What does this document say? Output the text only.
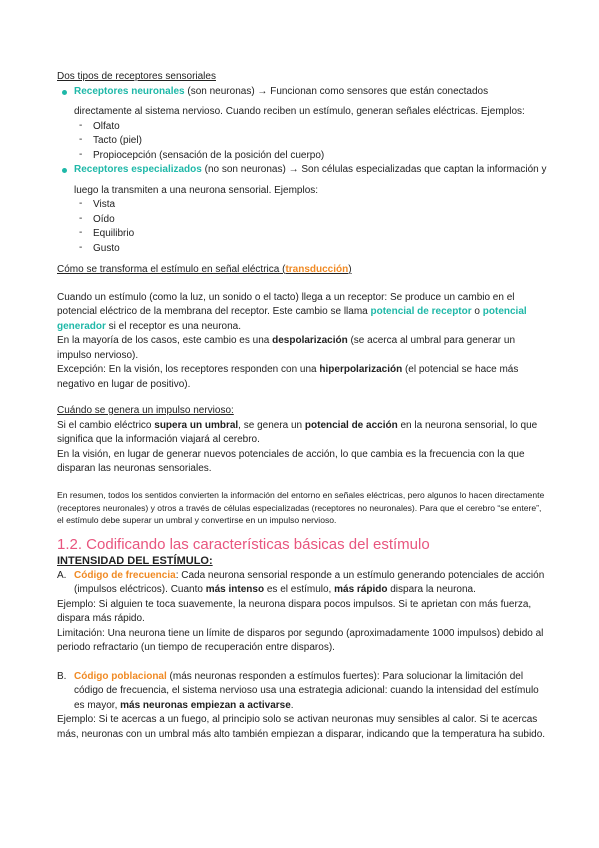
Dos tipos de receptores sensoriales
Receptores neuronales (son neuronas) → Funcionan como sensores que están conectados
directamente al sistema nervioso. Cuando reciben un estímulo, generan señales eléctricas. Ejemplos:
- Olfato
- Tacto (piel)
- Propiocepción (sensación de la posición del cuerpo)
Receptores especializados (no son neuronas) → Son células especializadas que captan la información y
luego la transmiten a una neurona sensorial. Ejemplos:
- Vista
- Oído
- Equilibrio
- Gusto
Cómo se transforma el estímulo en señal eléctrica (transducción)
Cuando un estímulo (como la luz, un sonido o el tacto) llega a un receptor: Se produce un cambio en el potencial eléctrico de la membrana del receptor. Este cambio se llama potencial de receptor o potencial generador si el receptor es una neurona.
En la mayoría de los casos, este cambio es una despolarización (se acerca al umbral para generar un impulso nervioso).
Excepción: En la visión, los receptores responden con una hiperpolarización (el potencial se hace más negativo en lugar de positivo).
Cuándo se genera un impulso nervioso:
Si el cambio eléctrico supera un umbral, se genera un potencial de acción en la neurona sensorial, lo que significa que la información viajará al cerebro.
En la visión, en lugar de generar nuevos potenciales de acción, lo que cambia es la frecuencia con la que disparan las neuronas sensoriales.
En resumen, todos los sentidos convierten la información del entorno en señales eléctricas, pero algunos lo hacen directamente (receptores neuronales) y otros a través de células especializadas (receptores no neuronales). Para que el cerebro “se entere”, el estímulo debe superar un umbral y convertirse en un impulso nervioso.
1.2. Codificando las características básicas del estímulo
INTENSIDAD DEL ESTÍMULO:
A. Código de frecuencia: Cada neurona sensorial responde a un estímulo generando potenciales de acción (impulsos eléctricos). Cuanto más intenso es el estímulo, más rápido dispara la neurona.
Ejemplo: Si alguien te toca suavemente, la neurona dispara pocos impulsos. Si te aprietan con más fuerza, dispara más rápido.
Limitación: Una neurona tiene un límite de disparos por segundo (aproximadamente 1000 impulsos) debido al periodo refractario (un tiempo de recuperación entre disparos).
B. Código poblacional (más neuronas responden a estímulos fuertes): Para solucionar la limitación del código de frecuencia, el sistema nervioso usa una estrategia adicional: cuando la intensidad del estímulo es mayor, más neuronas empiezan a activarse.
Ejemplo: Si te acercas a un fuego, al principio solo se activan neuronas muy sensibles al calor. Si te acercas más, neuronas con un umbral más alto también empiezan a disparar, indicando que la temperatura ha subido.
